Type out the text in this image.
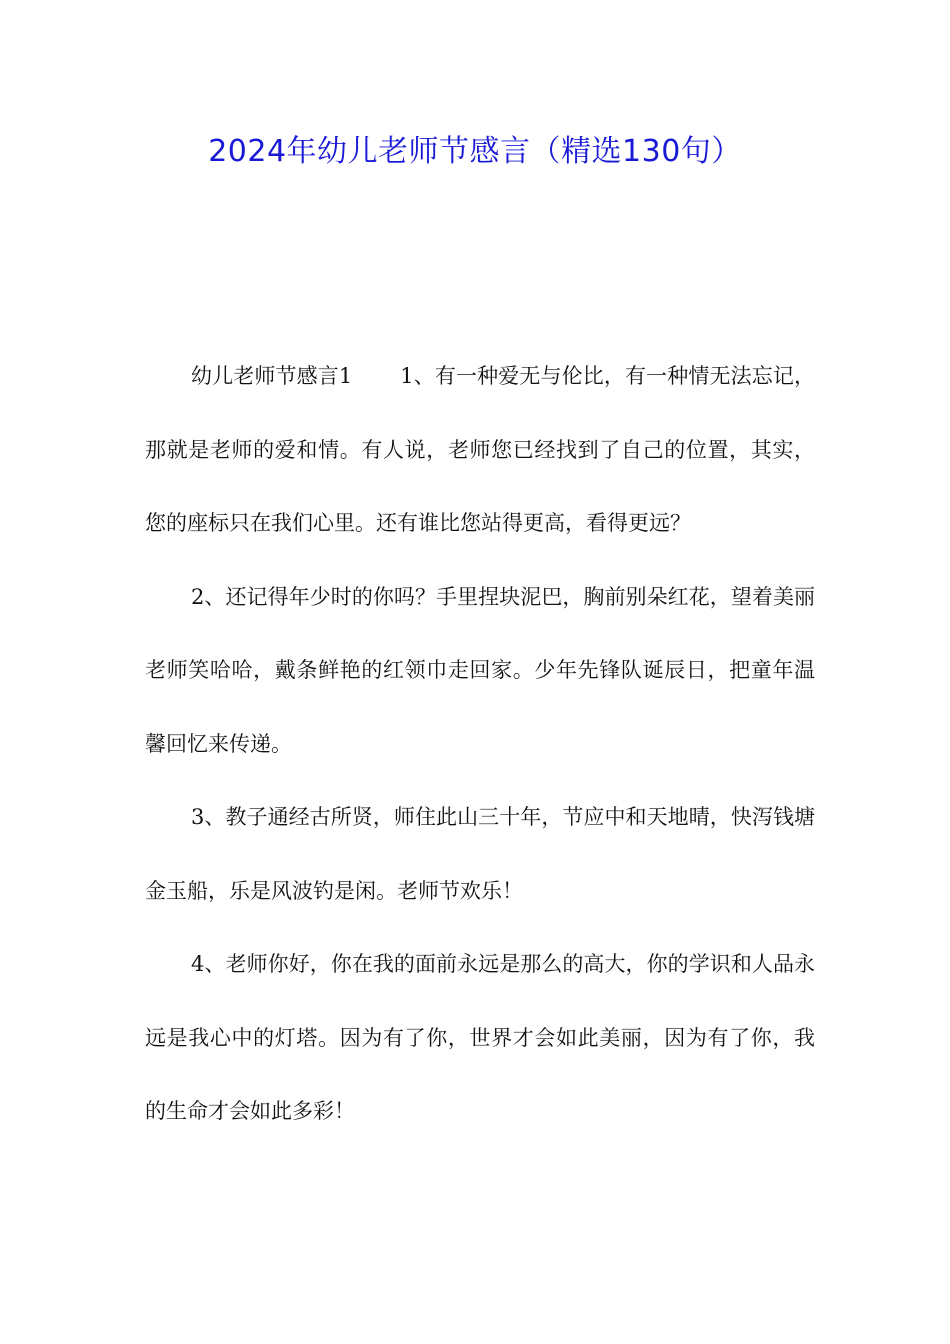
2024年幼儿老师节感言（精选130句）

幼儿老师节感言1 1、有一种爱无与伦比，有一种情无法忘记，那就是老师的爱和情。有人说，老师您已经找到了自己的位置，其实，您的座标只在我们心里。还有谁比您站得更高，看得更远？

2、还记得年少时的你吗？手里捏块泥巴，胸前别朵红花，望着美丽老师笑哈哈，戴条鲜艳的红领巾走回家。少年先锋队诞辰日，把童年温馨回忆来传递。

3、教子通经古所贤，师住此山三十年，节应中和天地晴，快泻钱塘金玉船，乐是风波钓是闲。老师节欢乐！

4、老师你好，你在我的面前永远是那么的高大，你的学识和人品永远是我心中的灯塔。因为有了你，世界才会如此美丽，因为有了你，我的生命才会如此多彩！
